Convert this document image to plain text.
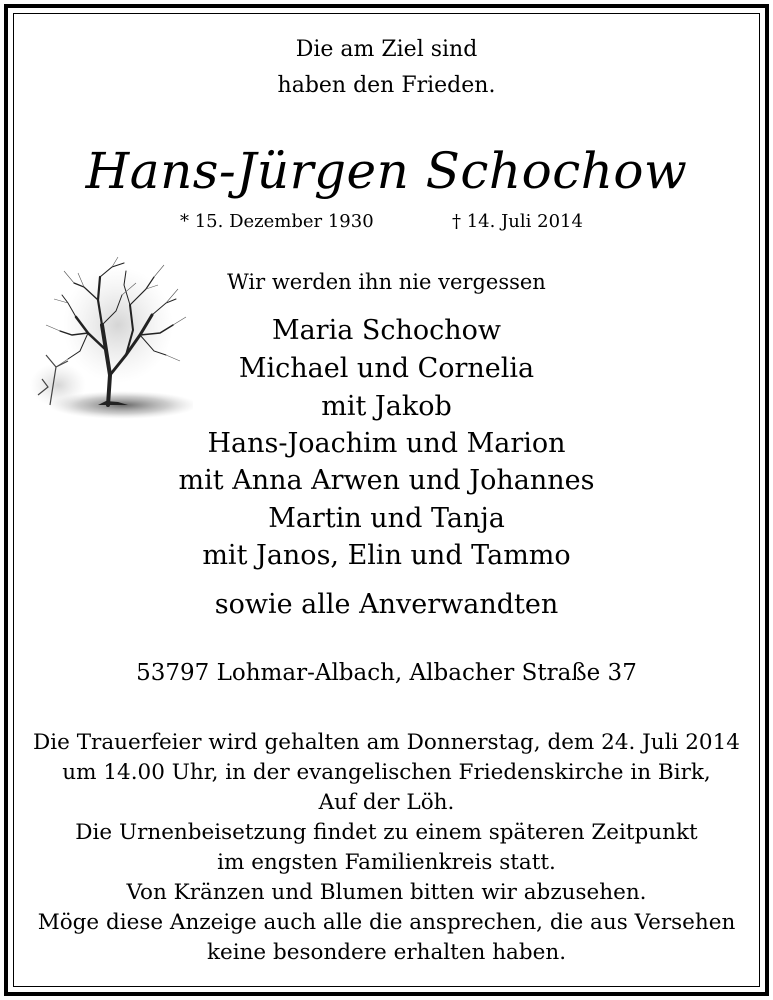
Die am Ziel sind
haben den Frieden.
Hans-Jürgen Schochow
* 15. Dezember 1930	† 14. Juli 2014
Wir werden ihn nie vergessen
Maria Schochow
Michael und Cornelia
mit Jakob
Hans-Joachim und Marion
mit Anna Arwen und Johannes
Martin und Tanja
mit Janos, Elin und Tammo
sowie alle Anverwandten
53797 Lohmar-Albach, Albacher Straße 37
Die Trauerfeier wird gehalten am Donnerstag, dem 24. Juli 2014
um 14.00 Uhr, in der evangelischen Friedenskirche in Birk,
Auf der Löh.
Die Urnenbeisetzung findet zu einem späteren Zeitpunkt
im engsten Familienkreis statt.
Von Kränzen und Blumen bitten wir abzusehen.
Möge diese Anzeige auch alle die ansprechen, die aus Versehen
keine besondere erhalten haben.
